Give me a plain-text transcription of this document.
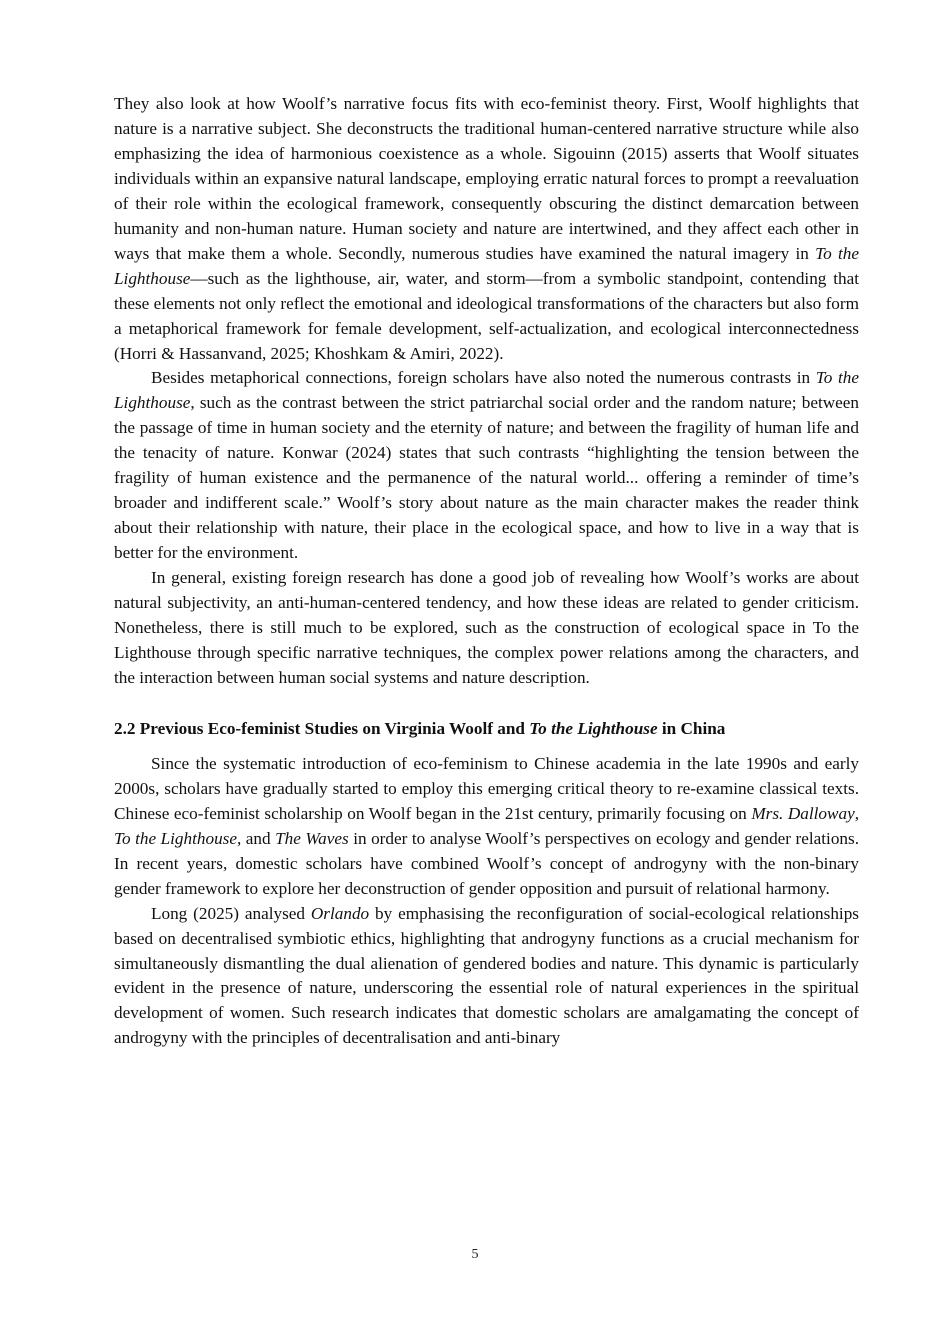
They also look at how Woolf’s narrative focus fits with eco-feminist theory. First, Woolf highlights that nature is a narrative subject. She deconstructs the traditional human-centered narrative structure while also emphasizing the idea of harmonious coexistence as a whole. Sigouinn (2015) asserts that Woolf situates individuals within an expansive natural landscape, employing erratic natural forces to prompt a reevaluation of their role within the ecological framework, consequently obscuring the distinct demarcation between humanity and non-human nature. Human society and nature are intertwined, and they affect each other in ways that make them a whole. Secondly, numerous studies have examined the natural imagery in To the Lighthouse—such as the lighthouse, air, water, and storm—from a symbolic standpoint, contending that these elements not only reflect the emotional and ideological transformations of the characters but also form a metaphorical framework for female development, self-actualization, and ecological interconnectedness (Horri & Hassanvand, 2025; Khoshkam & Amiri, 2022).

Besides metaphorical connections, foreign scholars have also noted the numerous contrasts in To the Lighthouse, such as the contrast between the strict patriarchal social order and the random nature; between the passage of time in human society and the eternity of nature; and between the fragility of human life and the tenacity of nature. Konwar (2024) states that such contrasts “highlighting the tension between the fragility of human existence and the permanence of the natural world... offering a reminder of time’s broader and indifferent scale.” Woolf’s story about nature as the main character makes the reader think about their relationship with nature, their place in the ecological space, and how to live in a way that is better for the environment.

In general, existing foreign research has done a good job of revealing how Woolf’s works are about natural subjectivity, an anti-human-centered tendency, and how these ideas are related to gender criticism. Nonetheless, there is still much to be explored, such as the construction of ecological space in To the Lighthouse through specific narrative techniques, the complex power relations among the characters, and the interaction between human social systems and nature description.

2.2 Previous Eco-feminist Studies on Virginia Woolf and To the Lighthouse in China

Since the systematic introduction of eco-feminism to Chinese academia in the late 1990s and early 2000s, scholars have gradually started to employ this emerging critical theory to re-examine classical texts. Chinese eco-feminist scholarship on Woolf began in the 21st century, primarily focusing on Mrs. Dalloway, To the Lighthouse, and The Waves in order to analyse Woolf’s perspectives on ecology and gender relations. In recent years, domestic scholars have combined Woolf’s concept of androgyny with the non-binary gender framework to explore her deconstruction of gender opposition and pursuit of relational harmony.

Long (2025) analysed Orlando by emphasising the reconfiguration of social-ecological relationships based on decentralised symbiotic ethics, highlighting that androgyny functions as a crucial mechanism for simultaneously dismantling the dual alienation of gendered bodies and nature. This dynamic is particularly evident in the presence of nature, underscoring the essential role of natural experiences in the spiritual development of women. Such research indicates that domestic scholars are amalgamating the concept of androgyny with the principles of decentralisation and anti-binary

5
